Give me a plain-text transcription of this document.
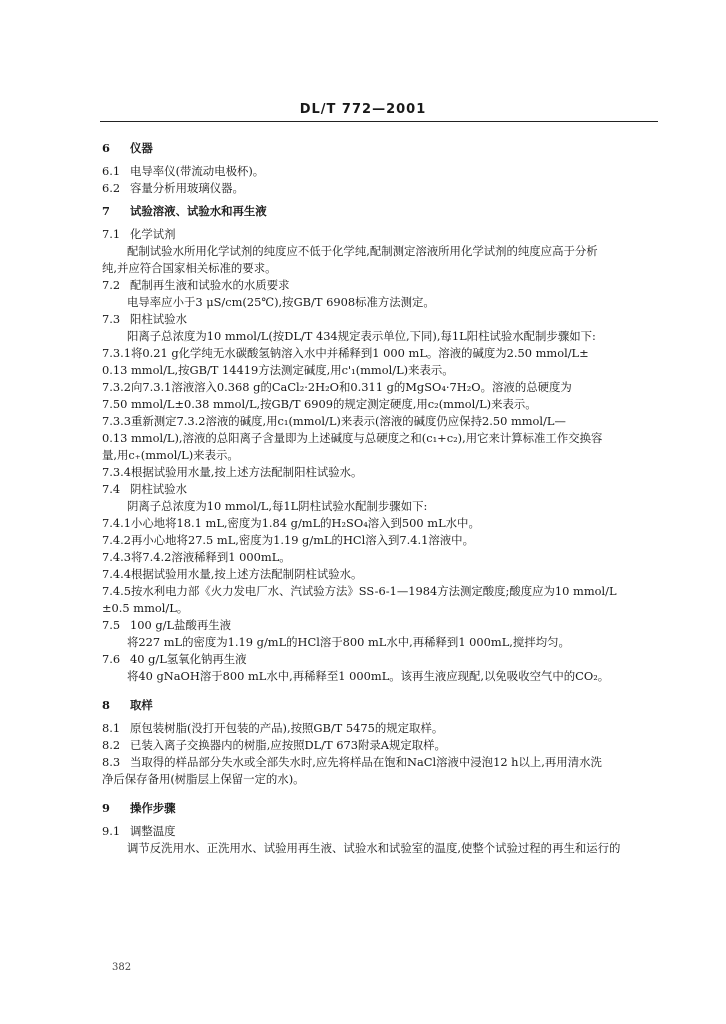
DL/T 772—2001
6 仪器
6.1 电导率仪(带流动电极杯)。
6.2 容量分析用玻璃仪器。
7 试验溶液、试验水和再生液
7.1 化学试剂
配制试验水所用化学试剂的纯度应不低于化学纯,配制测定溶液所用化学试剂的纯度应高于分析
纯,并应符合国家相关标准的要求。
7.2 配制再生液和试验水的水质要求
电导率应小于3 μS/cm(25℃),按GB/T 6908标准方法测定。
7.3 阳柱试验水
阳离子总浓度为10 mmol/L(按DL/T 434规定表示单位,下同),每1L阳柱试验水配制步骤如下:
7.3.1将0.21 g化学纯无水碳酸氢钠溶入水中并稀释到1 000 mL。溶液的碱度为2.50 mmol/L±
0.13 mmol/L,按GB/T 14419方法测定碱度,用c'₁(mmol/L)来表示。
7.3.2向7.3.1溶液溶入0.368 g的CaCl₂·2H₂O和0.311 g的MgSO₄·7H₂O。溶液的总硬度为
7.50 mmol/L±0.38 mmol/L,按GB/T 6909的规定测定硬度,用c₂(mmol/L)来表示。
7.3.3重新测定7.3.2溶液的碱度,用c₁(mmol/L)来表示(溶液的碱度仍应保持2.50 mmol/L—
0.13 mmol/L),溶液的总阳离子含量即为上述碱度与总硬度之和(c₁+c₂),用它来计算标准工作交换容
量,用c₊(mmol/L)来表示。
7.3.4根据试验用水量,按上述方法配制阳柱试验水。
7.4 阴柱试验水
阴离子总浓度为10 mmol/L,每1L阴柱试验水配制步骤如下:
7.4.1小心地将18.1 mL,密度为1.84 g/mL的H₂SO₄溶入到500 mL水中。
7.4.2再小心地将27.5 mL,密度为1.19 g/mL的HCl溶入到7.4.1溶液中。
7.4.3将7.4.2溶液稀释到1 000mL。
7.4.4根据试验用水量,按上述方法配制阴柱试验水。
7.4.5按水利电力部《火力发电厂水、汽试验方法》SS-6-1—1984方法测定酸度;酸度应为10 mmol/L
±0.5 mmol/L。
7.5 100 g/L盐酸再生液
将227 mL的密度为1.19 g/mL的HCl溶于800 mL水中,再稀释到1 000mL,搅拌均匀。
7.6 40 g/L氢氧化钠再生液
将40 gNaOH溶于800 mL水中,再稀释至1 000mL。该再生液应现配,以免吸收空气中的CO₂。
8 取样
8.1 原包装树脂(没打开包装的产品),按照GB/T 5475的规定取样。
8.2 已装入离子交换器内的树脂,应按照DL/T 673附录A规定取样。
8.3 当取得的样品部分失水或全部失水时,应先将样品在饱和NaCl溶液中浸泡12 h以上,再用清水洗
净后保存备用(树脂层上保留一定的水)。
9 操作步骤
9.1 调整温度
调节反洗用水、正洗用水、试验用再生液、试验水和试验室的温度,使整个试验过程的再生和运行的
382
